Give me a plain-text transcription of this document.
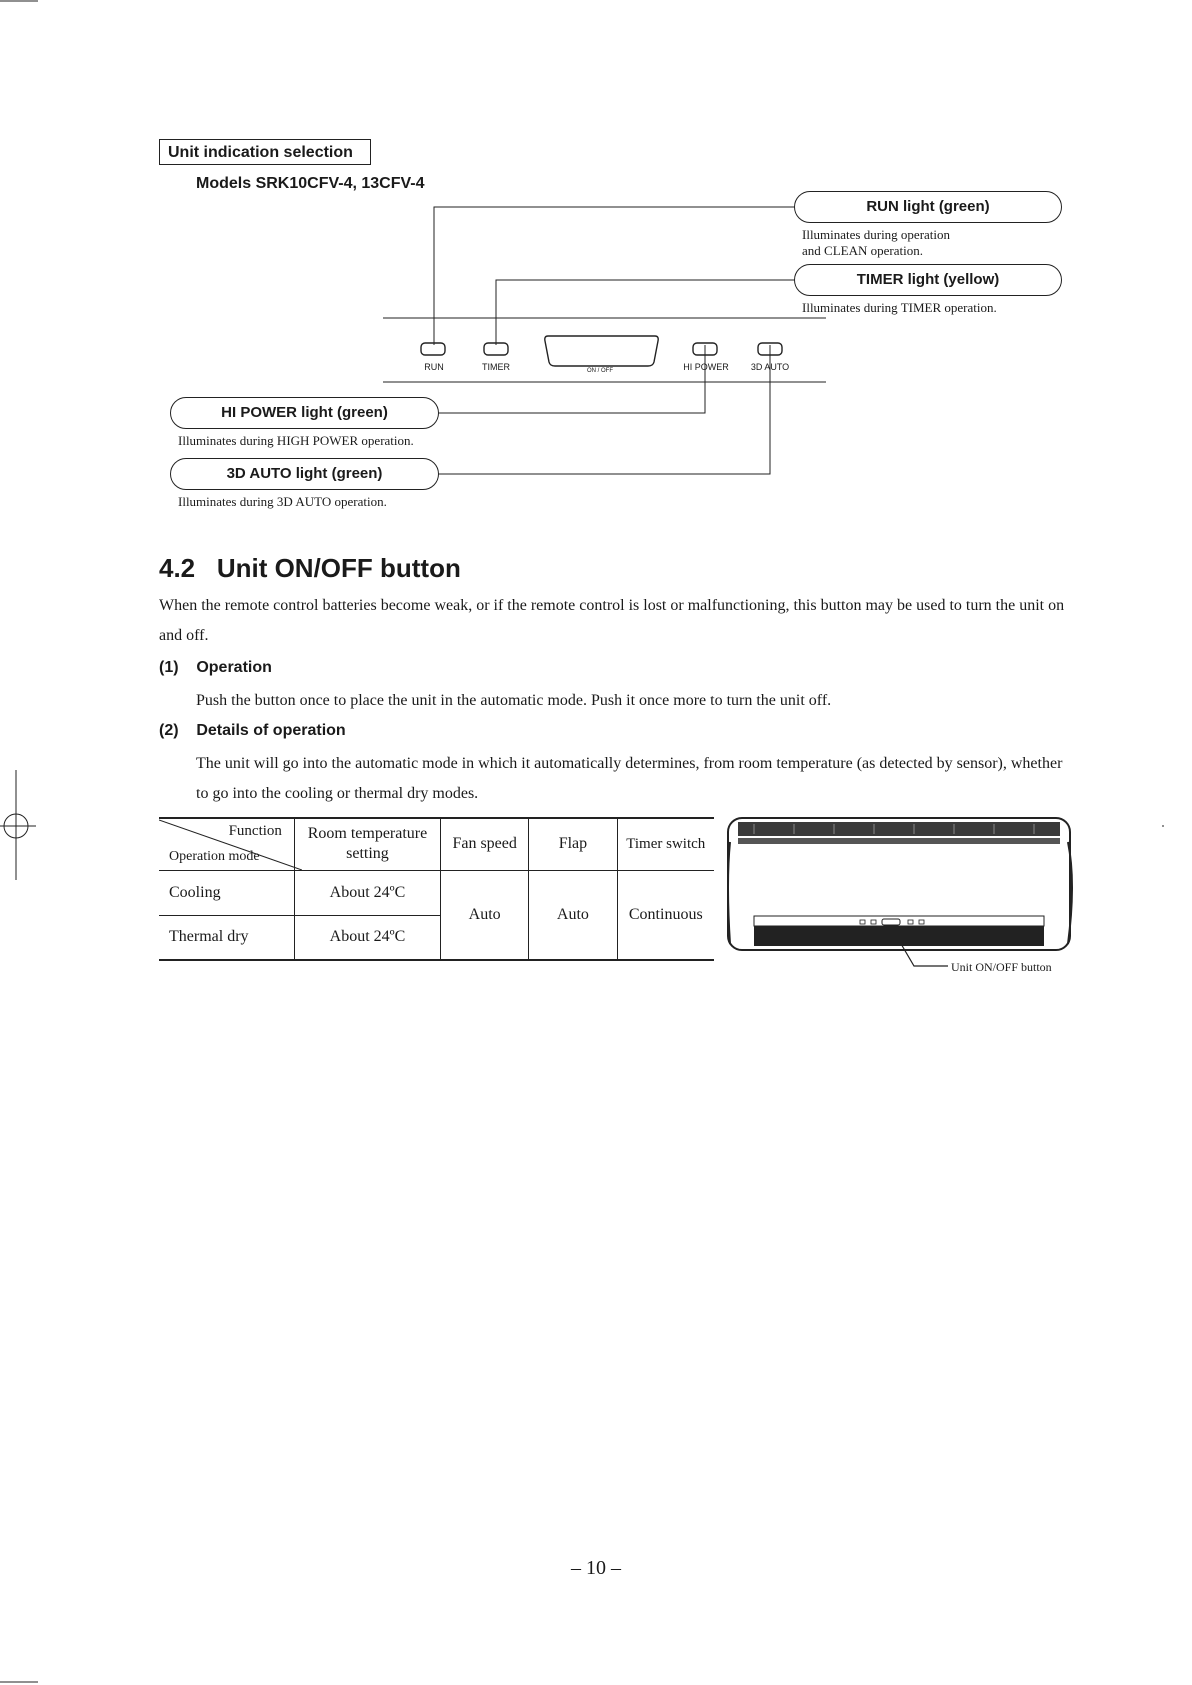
Unit indication selection
Models SRK10CFV-4, 13CFV-4
RUN	TIMER	ON / OFF	HI POWER	3D AUTO
RUN light (green)
Illuminates during operation
and CLEAN operation.
TIMER light (yellow)
Illuminates during TIMER operation.
HI POWER light (green)
Illuminates during HIGH POWER operation.
3D AUTO light (green)
Illuminates during 3D AUTO operation.
4.2   Unit ON/OFF button
When the remote control batteries become weak, or if the remote control is lost or malfunctioning, this button may be used to turn the unit on and off.
(1)    Operation
Push the button once to place the unit in the automatic mode. Push it once more to turn the unit off.
(2)    Details of operation
The unit will go into the automatic mode in which it automatically determines, from room temperature (as detected by sensor), whether to go into the cooling or thermal dry modes.
Function
Operation mode	Room temperature setting	Fan speed	Flap	Timer switch
Cooling	About 24ºC	Auto	Auto	Continuous
Thermal dry	About 24ºC			
Unit ON/OFF button
– 10 –
